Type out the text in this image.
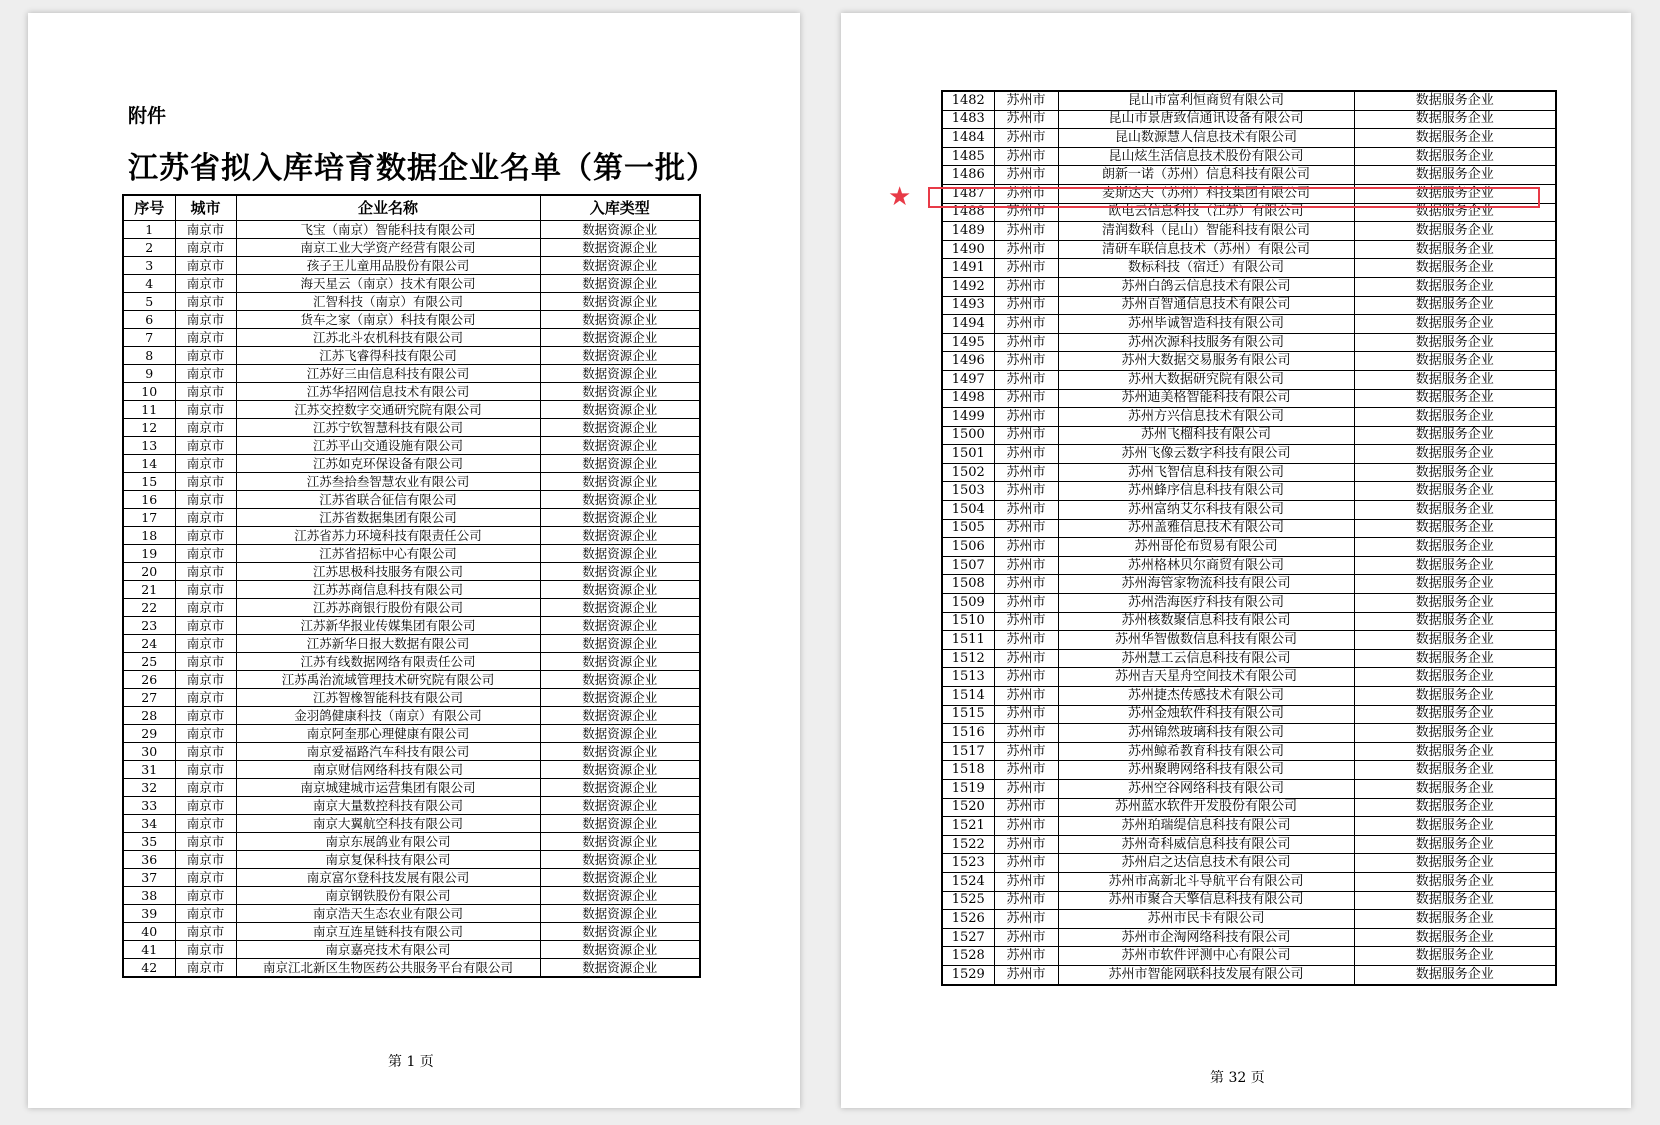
附件
江苏省拟入库培育数据企业名单（第一批）
序号	城市	企业名称	入库类型
1	南京市	飞宝（南京）智能科技有限公司	数据资源企业
2	南京市	南京工业大学资产经营有限公司	数据资源企业
3	南京市	孩子王儿童用品股份有限公司	数据资源企业
4	南京市	海天星云（南京）技术有限公司	数据资源企业
5	南京市	汇智科技（南京）有限公司	数据资源企业
6	南京市	货车之家（南京）科技有限公司	数据资源企业
7	南京市	江苏北斗农机科技有限公司	数据资源企业
8	南京市	江苏飞睿得科技有限公司	数据资源企业
9	南京市	江苏好三由信息科技有限公司	数据资源企业
10	南京市	江苏华招网信息技术有限公司	数据资源企业
11	南京市	江苏交控数字交通研究院有限公司	数据资源企业
12	南京市	江苏宁钦智慧科技有限公司	数据资源企业
13	南京市	江苏平山交通设施有限公司	数据资源企业
14	南京市	江苏如克环保设备有限公司	数据资源企业
15	南京市	江苏叁拾叁智慧农业有限公司	数据资源企业
16	南京市	江苏省联合征信有限公司	数据资源企业
17	南京市	江苏省数据集团有限公司	数据资源企业
18	南京市	江苏省苏力环境科技有限责任公司	数据资源企业
19	南京市	江苏省招标中心有限公司	数据资源企业
20	南京市	江苏思极科技服务有限公司	数据资源企业
21	南京市	江苏苏商信息科技有限公司	数据资源企业
22	南京市	江苏苏商银行股份有限公司	数据资源企业
23	南京市	江苏新华报业传媒集团有限公司	数据资源企业
24	南京市	江苏新华日报大数据有限公司	数据资源企业
25	南京市	江苏有线数据网络有限责任公司	数据资源企业
26	南京市	江苏禹治流域管理技术研究院有限公司	数据资源企业
27	南京市	江苏智橡智能科技有限公司	数据资源企业
28	南京市	金羽鸽健康科技（南京）有限公司	数据资源企业
29	南京市	南京阿奎那心理健康有限公司	数据资源企业
30	南京市	南京爱福路汽车科技有限公司	数据资源企业
31	南京市	南京财信网络科技有限公司	数据资源企业
32	南京市	南京城建城市运营集团有限公司	数据资源企业
33	南京市	南京大量数控科技有限公司	数据资源企业
34	南京市	南京大翼航空科技有限公司	数据资源企业
35	南京市	南京东展鸽业有限公司	数据资源企业
36	南京市	南京复保科技有限公司	数据资源企业
37	南京市	南京富尔登科技发展有限公司	数据资源企业
38	南京市	南京钢铁股份有限公司	数据资源企业
39	南京市	南京浩天生态农业有限公司	数据资源企业
40	南京市	南京互连星链科技有限公司	数据资源企业
41	南京市	南京嘉亮技术有限公司	数据资源企业
42	南京市	南京江北新区生物医药公共服务平台有限公司	数据资源企业
第 1 页
1482	苏州市	昆山市富利恒商贸有限公司	数据服务企业
1483	苏州市	昆山市景唐致信通讯设备有限公司	数据服务企业
1484	苏州市	昆山数源慧人信息技术有限公司	数据服务企业
1485	苏州市	昆山炫生活信息技术股份有限公司	数据服务企业
1486	苏州市	朗新一诺（苏州）信息科技有限公司	数据服务企业
1487	苏州市	麦斯达夫（苏州）科技集团有限公司	数据服务企业
1488	苏州市	欧电云信息科技（江苏）有限公司	数据服务企业
1489	苏州市	清润数科（昆山）智能科技有限公司	数据服务企业
1490	苏州市	清研车联信息技术（苏州）有限公司	数据服务企业
1491	苏州市	数标科技（宿迁）有限公司	数据服务企业
1492	苏州市	苏州白鸽云信息技术有限公司	数据服务企业
1493	苏州市	苏州百智通信息技术有限公司	数据服务企业
1494	苏州市	苏州毕诚智造科技有限公司	数据服务企业
1495	苏州市	苏州次源科技服务有限公司	数据服务企业
1496	苏州市	苏州大数据交易服务有限公司	数据服务企业
1497	苏州市	苏州大数据研究院有限公司	数据服务企业
1498	苏州市	苏州迪美格智能科技有限公司	数据服务企业
1499	苏州市	苏州方兴信息技术有限公司	数据服务企业
1500	苏州市	苏州飞榴科技有限公司	数据服务企业
1501	苏州市	苏州飞像云数字科技有限公司	数据服务企业
1502	苏州市	苏州飞智信息科技有限公司	数据服务企业
1503	苏州市	苏州蜂序信息科技有限公司	数据服务企业
1504	苏州市	苏州富纳艾尔科技有限公司	数据服务企业
1505	苏州市	苏州盖雅信息技术有限公司	数据服务企业
1506	苏州市	苏州哥伦布贸易有限公司	数据服务企业
1507	苏州市	苏州格林贝尔商贸有限公司	数据服务企业
1508	苏州市	苏州海管家物流科技有限公司	数据服务企业
1509	苏州市	苏州浩海医疗科技有限公司	数据服务企业
1510	苏州市	苏州核数聚信息科技有限公司	数据服务企业
1511	苏州市	苏州华智傲数信息科技有限公司	数据服务企业
1512	苏州市	苏州慧工云信息科技有限公司	数据服务企业
1513	苏州市	苏州吉天星舟空间技术有限公司	数据服务企业
1514	苏州市	苏州捷杰传感技术有限公司	数据服务企业
1515	苏州市	苏州金烛软件科技有限公司	数据服务企业
1516	苏州市	苏州锦然玻璃科技有限公司	数据服务企业
1517	苏州市	苏州鲸希教育科技有限公司	数据服务企业
1518	苏州市	苏州聚聘网络科技有限公司	数据服务企业
1519	苏州市	苏州空谷网络科技有限公司	数据服务企业
1520	苏州市	苏州蓝水软件开发股份有限公司	数据服务企业
1521	苏州市	苏州珀瑞缇信息科技有限公司	数据服务企业
1522	苏州市	苏州奇科威信息科技有限公司	数据服务企业
1523	苏州市	苏州启之达信息技术有限公司	数据服务企业
1524	苏州市	苏州市高新北斗导航平台有限公司	数据服务企业
1525	苏州市	苏州市聚合天擎信息科技有限公司	数据服务企业
1526	苏州市	苏州市民卡有限公司	数据服务企业
1527	苏州市	苏州市企淘网络科技有限公司	数据服务企业
1528	苏州市	苏州市软件评测中心有限公司	数据服务企业
1529	苏州市	苏州市智能网联科技发展有限公司	数据服务企业
第 32 页
★
